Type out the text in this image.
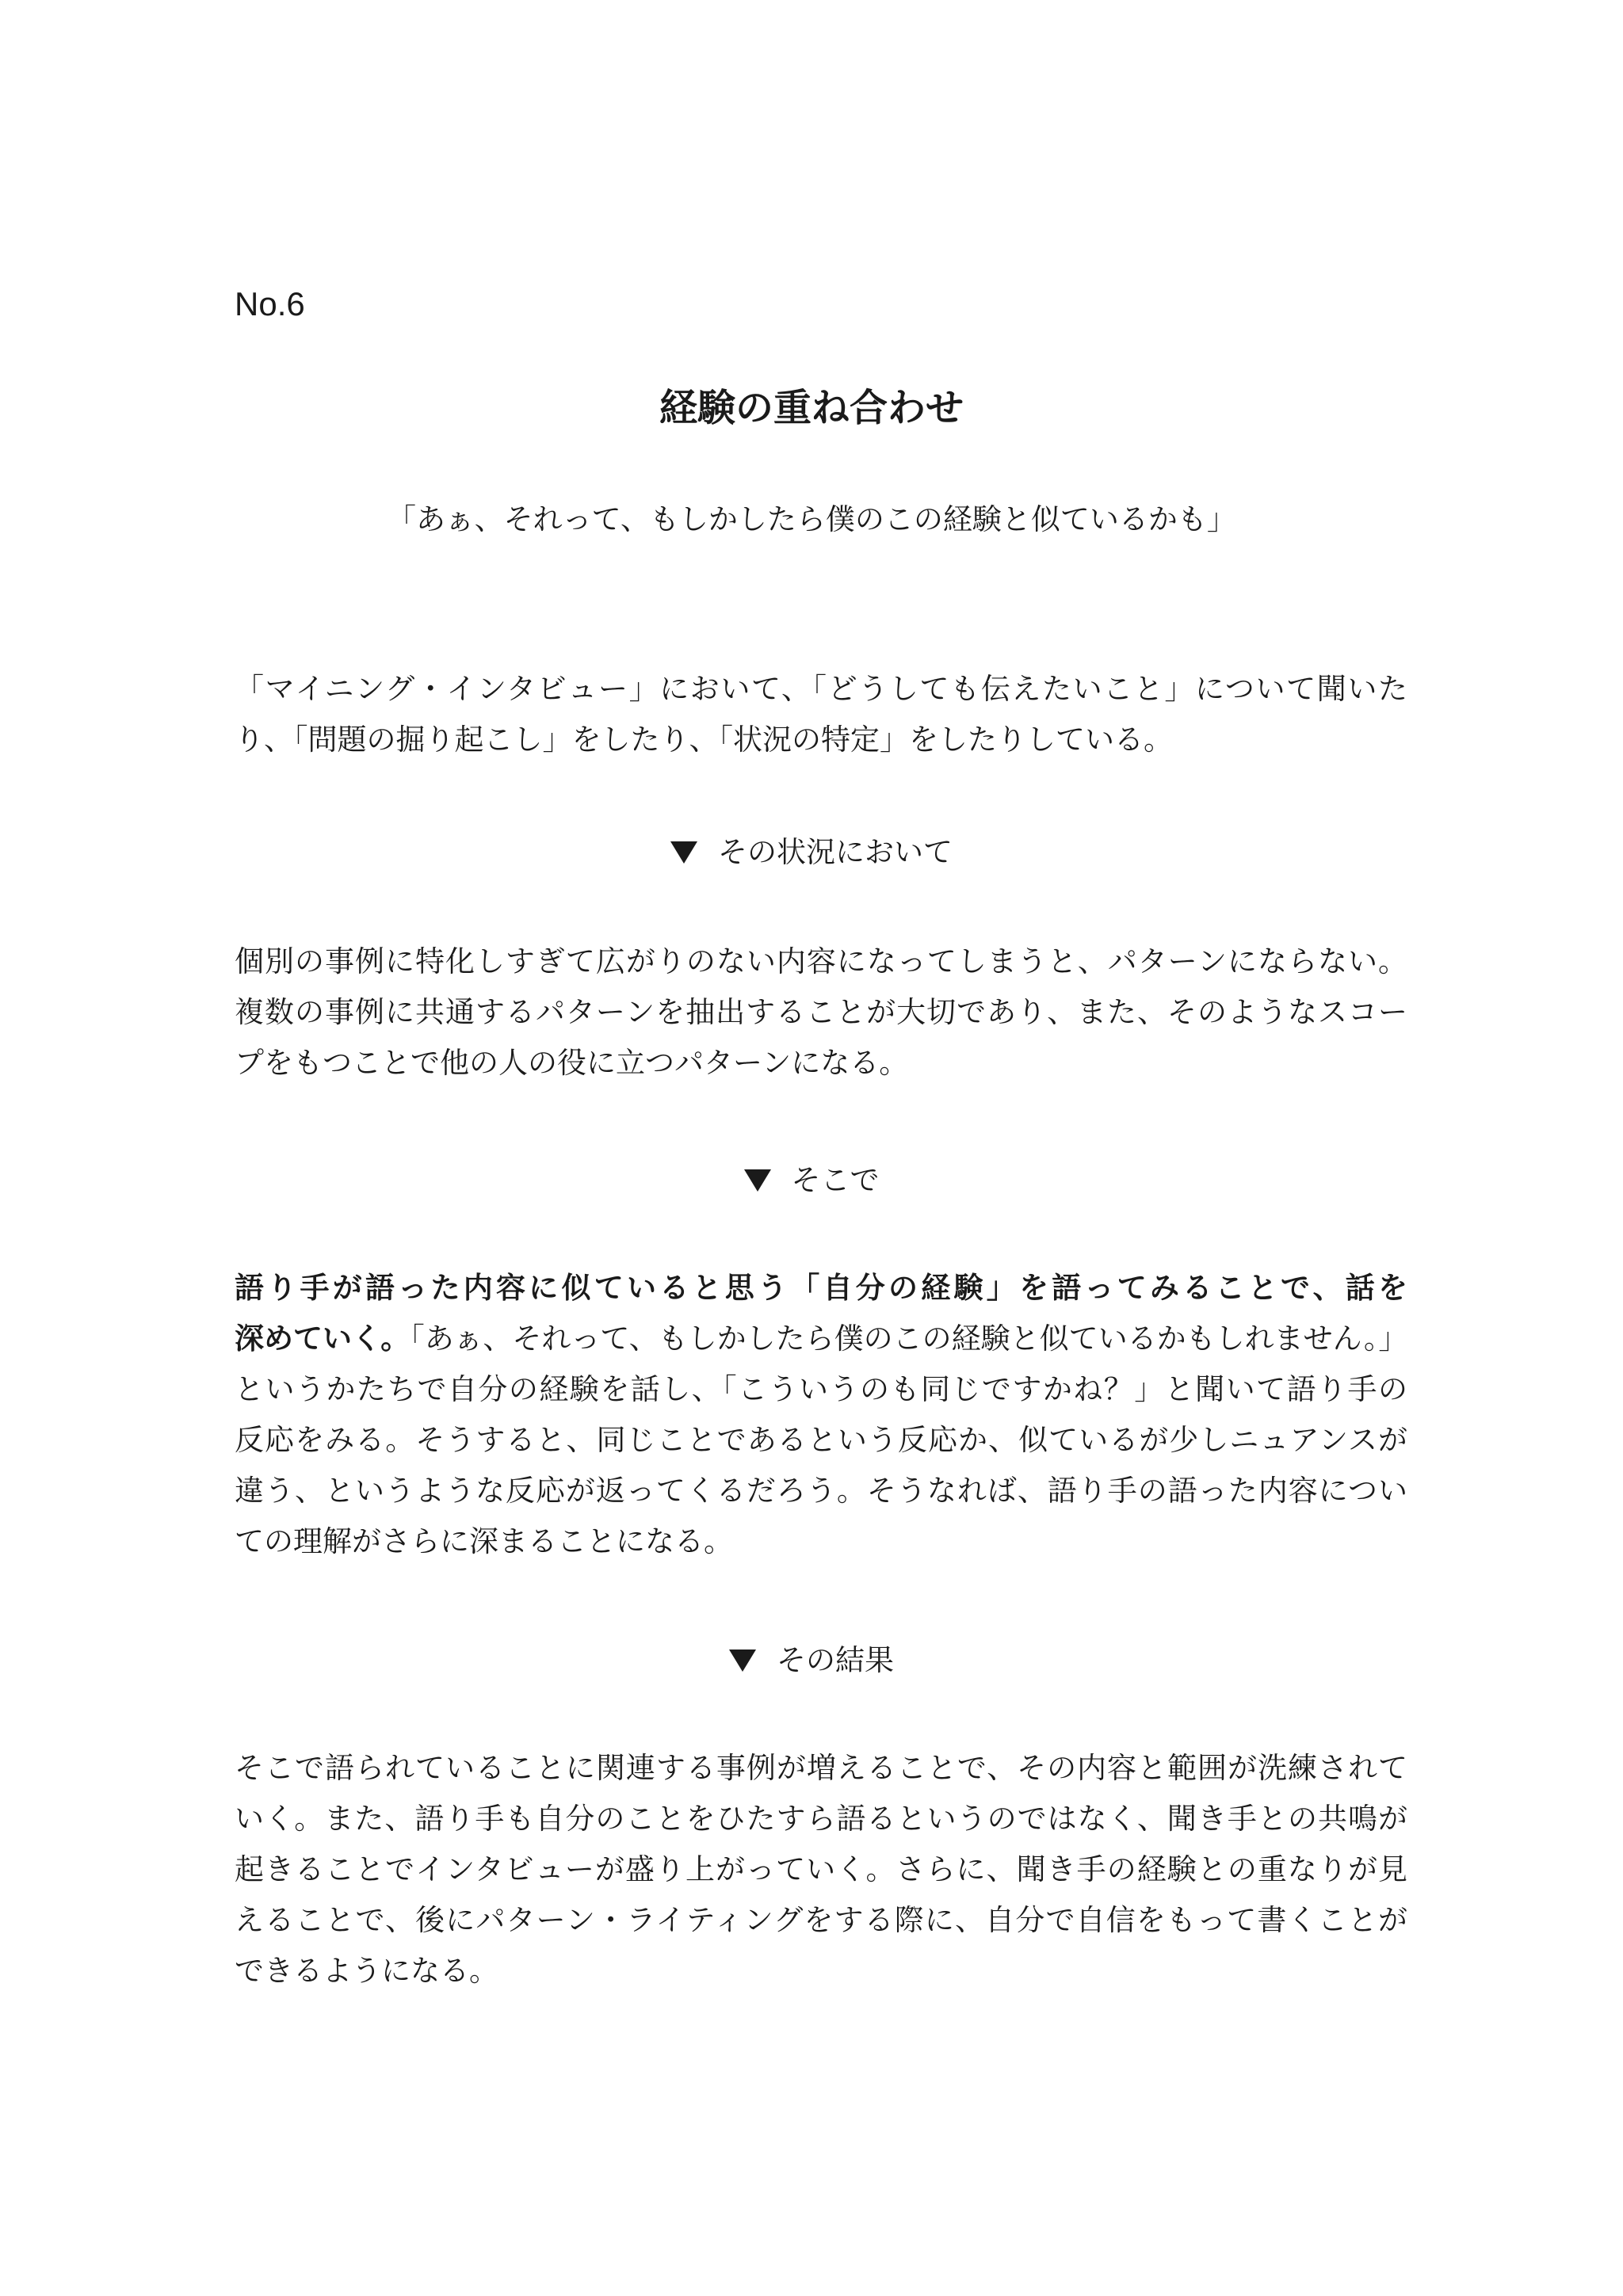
No.6
経験の重ね合わせ
「あぁ、それって、もしかしたら僕のこの経験と似ているかも」
「マイニング・インタビュー」において、「どうしても伝えたいこと」について聞いた
り、「問題の掘り起こし」をしたり、「状況の特定」をしたりしている。
その状況において
個別の事例に特化しすぎて広がりのない内容になってしまうと、パターンにならない。
複数の事例に共通するパターンを抽出することが大切であり、また、そのようなスコー
プをもつことで他の人の役に立つパターンになる。
そこで
語り手が語った内容に似ていると思う「自分の経験」を語ってみることで、話を
深めていく。「あぁ、それって、もしかしたら僕のこの経験と似ているかもしれません。」
というかたちで自分の経験を話し、「こういうのも同じですかね？」と聞いて語り手の
反応をみる。そうすると、同じことであるという反応か、似ているが少しニュアンスが
違う、というような反応が返ってくるだろう。そうなれば、語り手の語った内容につい
ての理解がさらに深まることになる。
その結果
そこで語られていることに関連する事例が増えることで、その内容と範囲が洗練されて
いく。また、語り手も自分のことをひたすら語るというのではなく、聞き手との共鳴が
起きることでインタビューが盛り上がっていく。さらに、聞き手の経験との重なりが見
えることで、後にパターン・ライティングをする際に、自分で自信をもって書くことが
できるようになる。
